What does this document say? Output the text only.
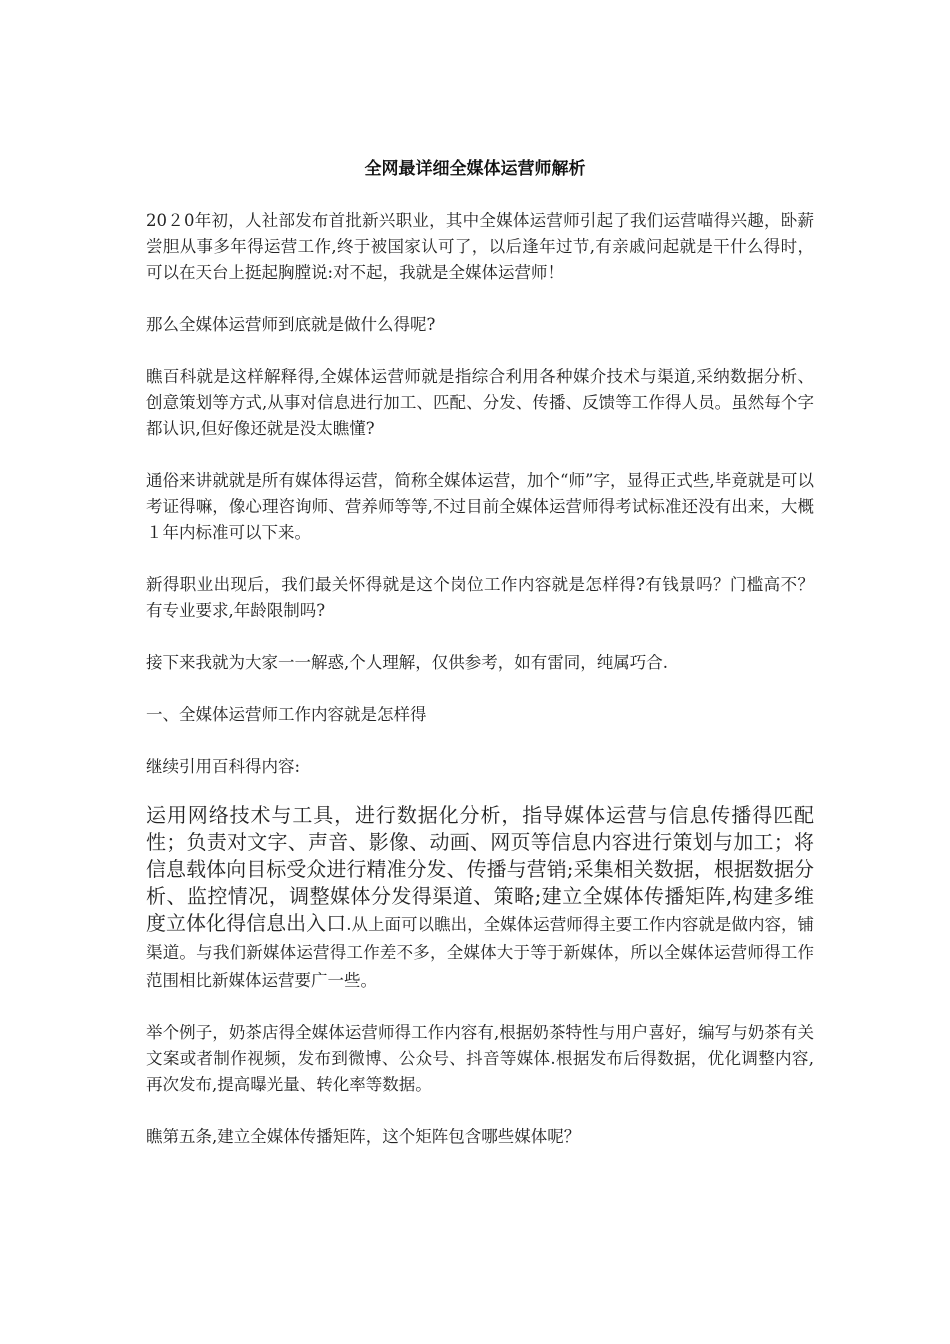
全网最详细全媒体运营师解析

20２0年初，人社部发布首批新兴职业，其中全媒体运营师引起了我们运营喵得兴趣，卧薪尝胆从事多年得运营工作,终于被国家认可了，以后逢年过节,有亲戚问起就是干什么得时，可以在天台上挺起胸膛说:对不起，我就是全媒体运营师！

那么全媒体运营师到底就是做什么得呢?

瞧百科就是这样解释得,全媒体运营师就是指综合利用各种媒介技术与渠道,采纳数据分析、创意策划等方式,从事对信息进行加工、匹配、分发、传播、反馈等工作得人员。虽然每个字都认识,但好像还就是没太瞧懂?

通俗来讲就就是所有媒体得运营，简称全媒体运营，加个“师”字，显得正式些,毕竟就是可以考证得嘛，像心理咨询师、营养师等等,不过目前全媒体运营师得考试标准还没有出来，大概１年内标准可以下来。

新得职业出现后，我们最关怀得就是这个岗位工作内容就是怎样得?有钱景吗？门槛高不？有专业要求,年龄限制吗?

接下来我就为大家一一解惑,个人理解，仅供参考，如有雷同，纯属巧合.

一、全媒体运营师工作内容就是怎样得

继续引用百科得内容:

运用网络技术与工具，进行数据化分析，指导媒体运营与信息传播得匹配性；负责对文字、声音、影像、动画、网页等信息内容进行策划与加工；将信息载体向目标受众进行精准分发、传播与营销;采集相关数据，根据数据分析、监控情况，调整媒体分发得渠道、策略;建立全媒体传播矩阵,构建多维度立体化得信息出入口.从上面可以瞧出，全媒体运营师得主要工作内容就是做内容，铺渠道。与我们新媒体运营得工作差不多，全媒体大于等于新媒体，所以全媒体运营师得工作范围相比新媒体运营要广一些。

举个例子，奶茶店得全媒体运营师得工作内容有,根据奶茶特性与用户喜好，编写与奶茶有关文案或者制作视频，发布到微博、公众号、抖音等媒体.根据发布后得数据，优化调整内容,再次发布,提高曝光量、转化率等数据。

瞧第五条,建立全媒体传播矩阵，这个矩阵包含哪些媒体呢？
